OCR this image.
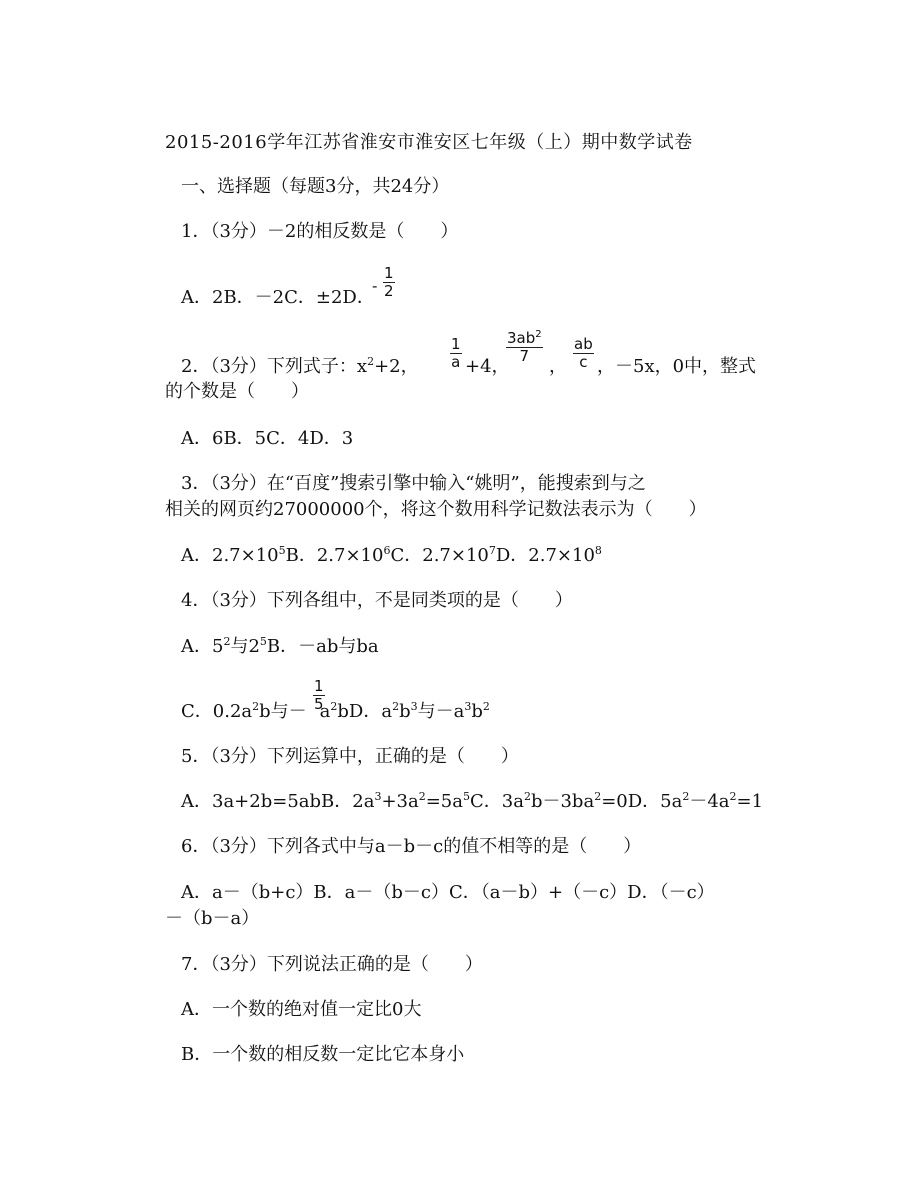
2015-2016学年江苏省淮安市淮安区七年级（上）期中数学试卷
一、选择题（每题3分，共24分）
1．（3分）－2的相反数是（　　）
A．2B．－2C．±2D． $\frac{1}{2}$
-
2．（3分）下列式子：$x^2+2$， $\frac{1}{a} +4$，
$\frac{3ab^2}{7}$
， $\frac{ab}{c}$ ，－5x，0中，整式
的个数是（　　）
A．6B．5C．4D．3
3．（3分）在“百度”搜索引擎中输入“姚明”，能搜索到与之
相关的网页约27000000个，将这个数用科学记数法表示为（　　）
A．$2.7\times 10^5B$．$2.7\times 10^6C$．$2.7\times 10^7D$．$2.7\times 10^8$
4．（3分）下列各组中，不是同类项的是（　　）
A．$5^2$与$2^5B$．－ab与ba
C．$0.2a^2b$与－ $a^2bD$．$a^2b^3$与$-a^3b^2$
$\frac{1}{5}$
5．（3分）下列运算中，正确的是（　　）
A．3a+2b=5abB．$2a^3+3a^2=5a^5C$．$3a^2b-3ba^2=0D$．$5a^2-4a^2=1$
6．（3分）下列各式中与a－b－c的值不相等的是（　　）
A．a－（b+c）B．a－（b－c）C．（a－b）+（－c）D．（－c）
－（b－a）
7．（3分）下列说法正确的是（　　）
A．一个数的绝对值一定比0大
B．一个数的相反数一定比它本身小
